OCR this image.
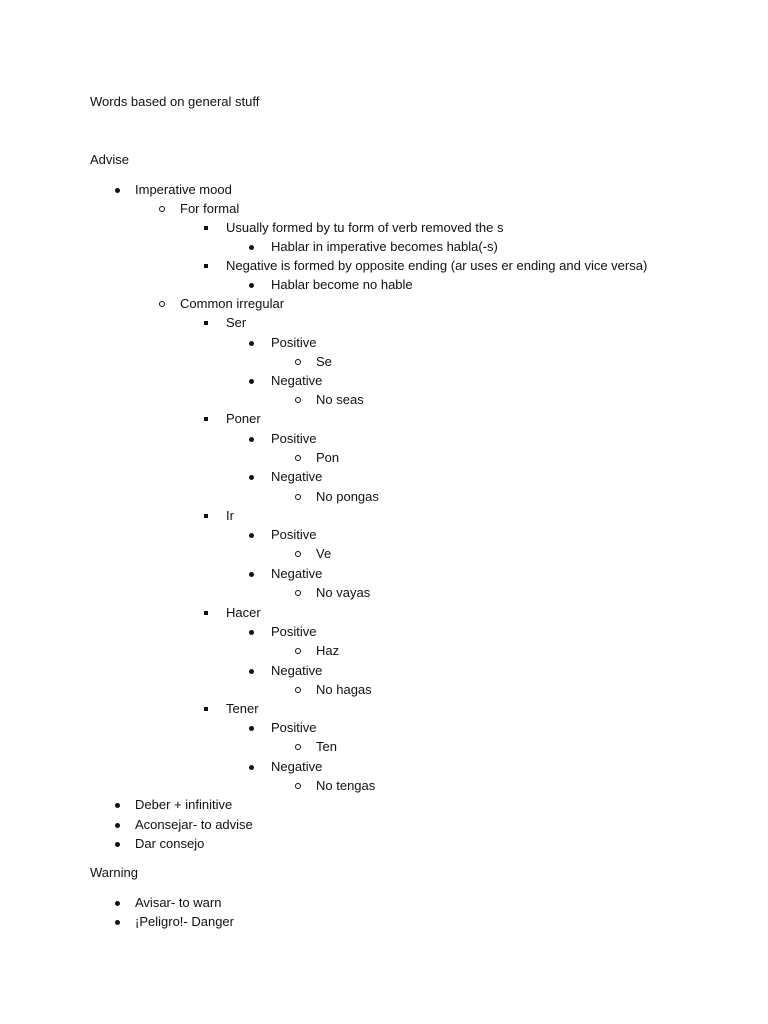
Words based on general stuff
Advise
Imperative mood
For formal
Usually formed by tu form of verb removed the s
Hablar in imperative becomes habla(-s)
Negative is formed by opposite ending (ar uses er ending and vice versa)
Hablar become no hable
Common irregular
Ser
Positive
Se
Negative
No seas
Poner
Positive
Pon
Negative
No pongas
Ir
Positive
Ve
Negative
No vayas
Hacer
Positive
Haz
Negative
No hagas
Tener
Positive
Ten
Negative
No tengas
Deber + infinitive
Aconsejar- to advise
Dar consejo
Warning
Avisar- to warn
¡Peligro!- Danger
